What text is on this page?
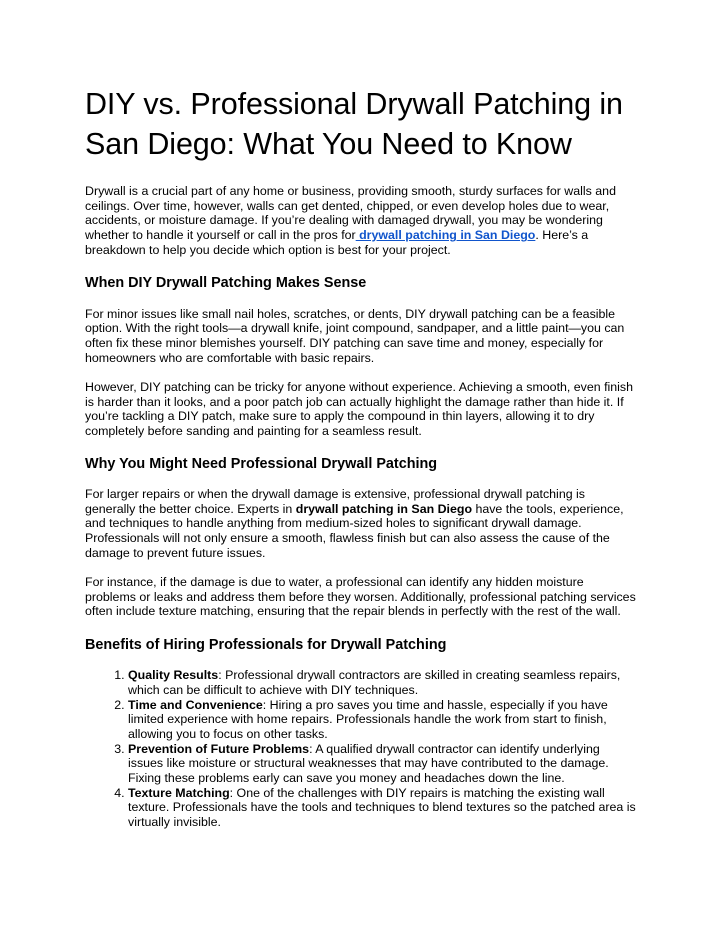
DIY vs. Professional Drywall Patching in San Diego: What You Need to Know

Drywall is a crucial part of any home or business, providing smooth, sturdy surfaces for walls and ceilings. Over time, however, walls can get dented, chipped, or even develop holes due to wear, accidents, or moisture damage. If you’re dealing with damaged drywall, you may be wondering whether to handle it yourself or call in the pros for drywall patching in San Diego. Here’s a breakdown to help you decide which option is best for your project.

When DIY Drywall Patching Makes Sense

For minor issues like small nail holes, scratches, or dents, DIY drywall patching can be a feasible option. With the right tools—a drywall knife, joint compound, sandpaper, and a little paint—you can often fix these minor blemishes yourself. DIY patching can save time and money, especially for homeowners who are comfortable with basic repairs.

However, DIY patching can be tricky for anyone without experience. Achieving a smooth, even finish is harder than it looks, and a poor patch job can actually highlight the damage rather than hide it. If you’re tackling a DIY patch, make sure to apply the compound in thin layers, allowing it to dry completely before sanding and painting for a seamless result.

Why You Might Need Professional Drywall Patching

For larger repairs or when the drywall damage is extensive, professional drywall patching is generally the better choice. Experts in drywall patching in San Diego have the tools, experience, and techniques to handle anything from medium-sized holes to significant drywall damage. Professionals will not only ensure a smooth, flawless finish but can also assess the cause of the damage to prevent future issues.

For instance, if the damage is due to water, a professional can identify any hidden moisture problems or leaks and address them before they worsen. Additionally, professional patching services often include texture matching, ensuring that the repair blends in perfectly with the rest of the wall.

Benefits of Hiring Professionals for Drywall Patching
1. Quality Results: Professional drywall contractors are skilled in creating seamless repairs, which can be difficult to achieve with DIY techniques.
2. Time and Convenience: Hiring a pro saves you time and hassle, especially if you have limited experience with home repairs. Professionals handle the work from start to finish, allowing you to focus on other tasks.
3. Prevention of Future Problems: A qualified drywall contractor can identify underlying issues like moisture or structural weaknesses that may have contributed to the damage. Fixing these problems early can save you money and headaches down the line.
4. Texture Matching: One of the challenges with DIY repairs is matching the existing wall texture. Professionals have the tools and techniques to blend textures so the patched area is virtually invisible.
